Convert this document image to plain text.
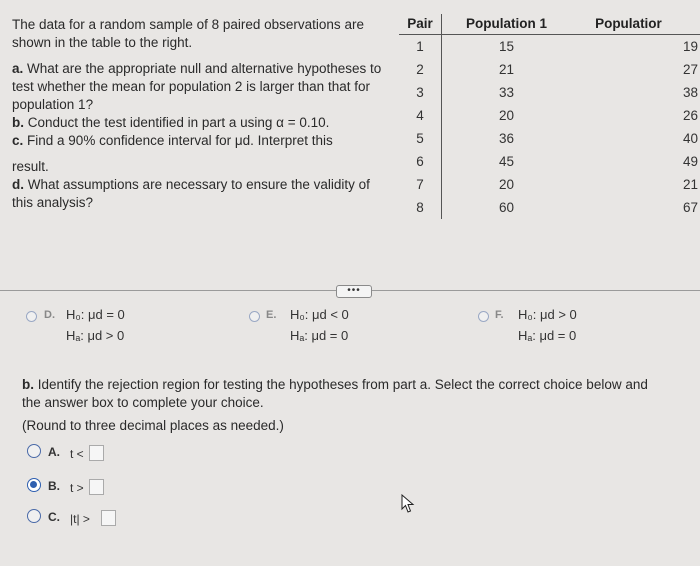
The data for a random sample of 8 paired observations are shown in the table to the right.

a. What are the appropriate null and alternative hypotheses to test whether the mean for population 2 is larger than that for population 1?

b. Conduct the test identified in part a using α = 0.10.

c. Find a 90% confidence interval for μd. Interpret this

result.

d. What assumptions are necessary to ensure the validity of this analysis?

Pair	Population 1	Populatior
1	15	19
2	21	27
3	33	38
4	20	26
5	36	40
6	45	49
7	20	21
8	60	67
•••
D. H₀: μd = 0
Hₐ: μd > 0
E. H₀: μd < 0
Hₐ: μd = 0
F. H₀: μd > 0
Hₐ: μd = 0
b. Identify the rejection region for testing the hypotheses from part a. Select the correct choice below and the answer box to complete your choice.
(Round to three decimal places as needed.)
A. t <
B. t >
C. |t| >
